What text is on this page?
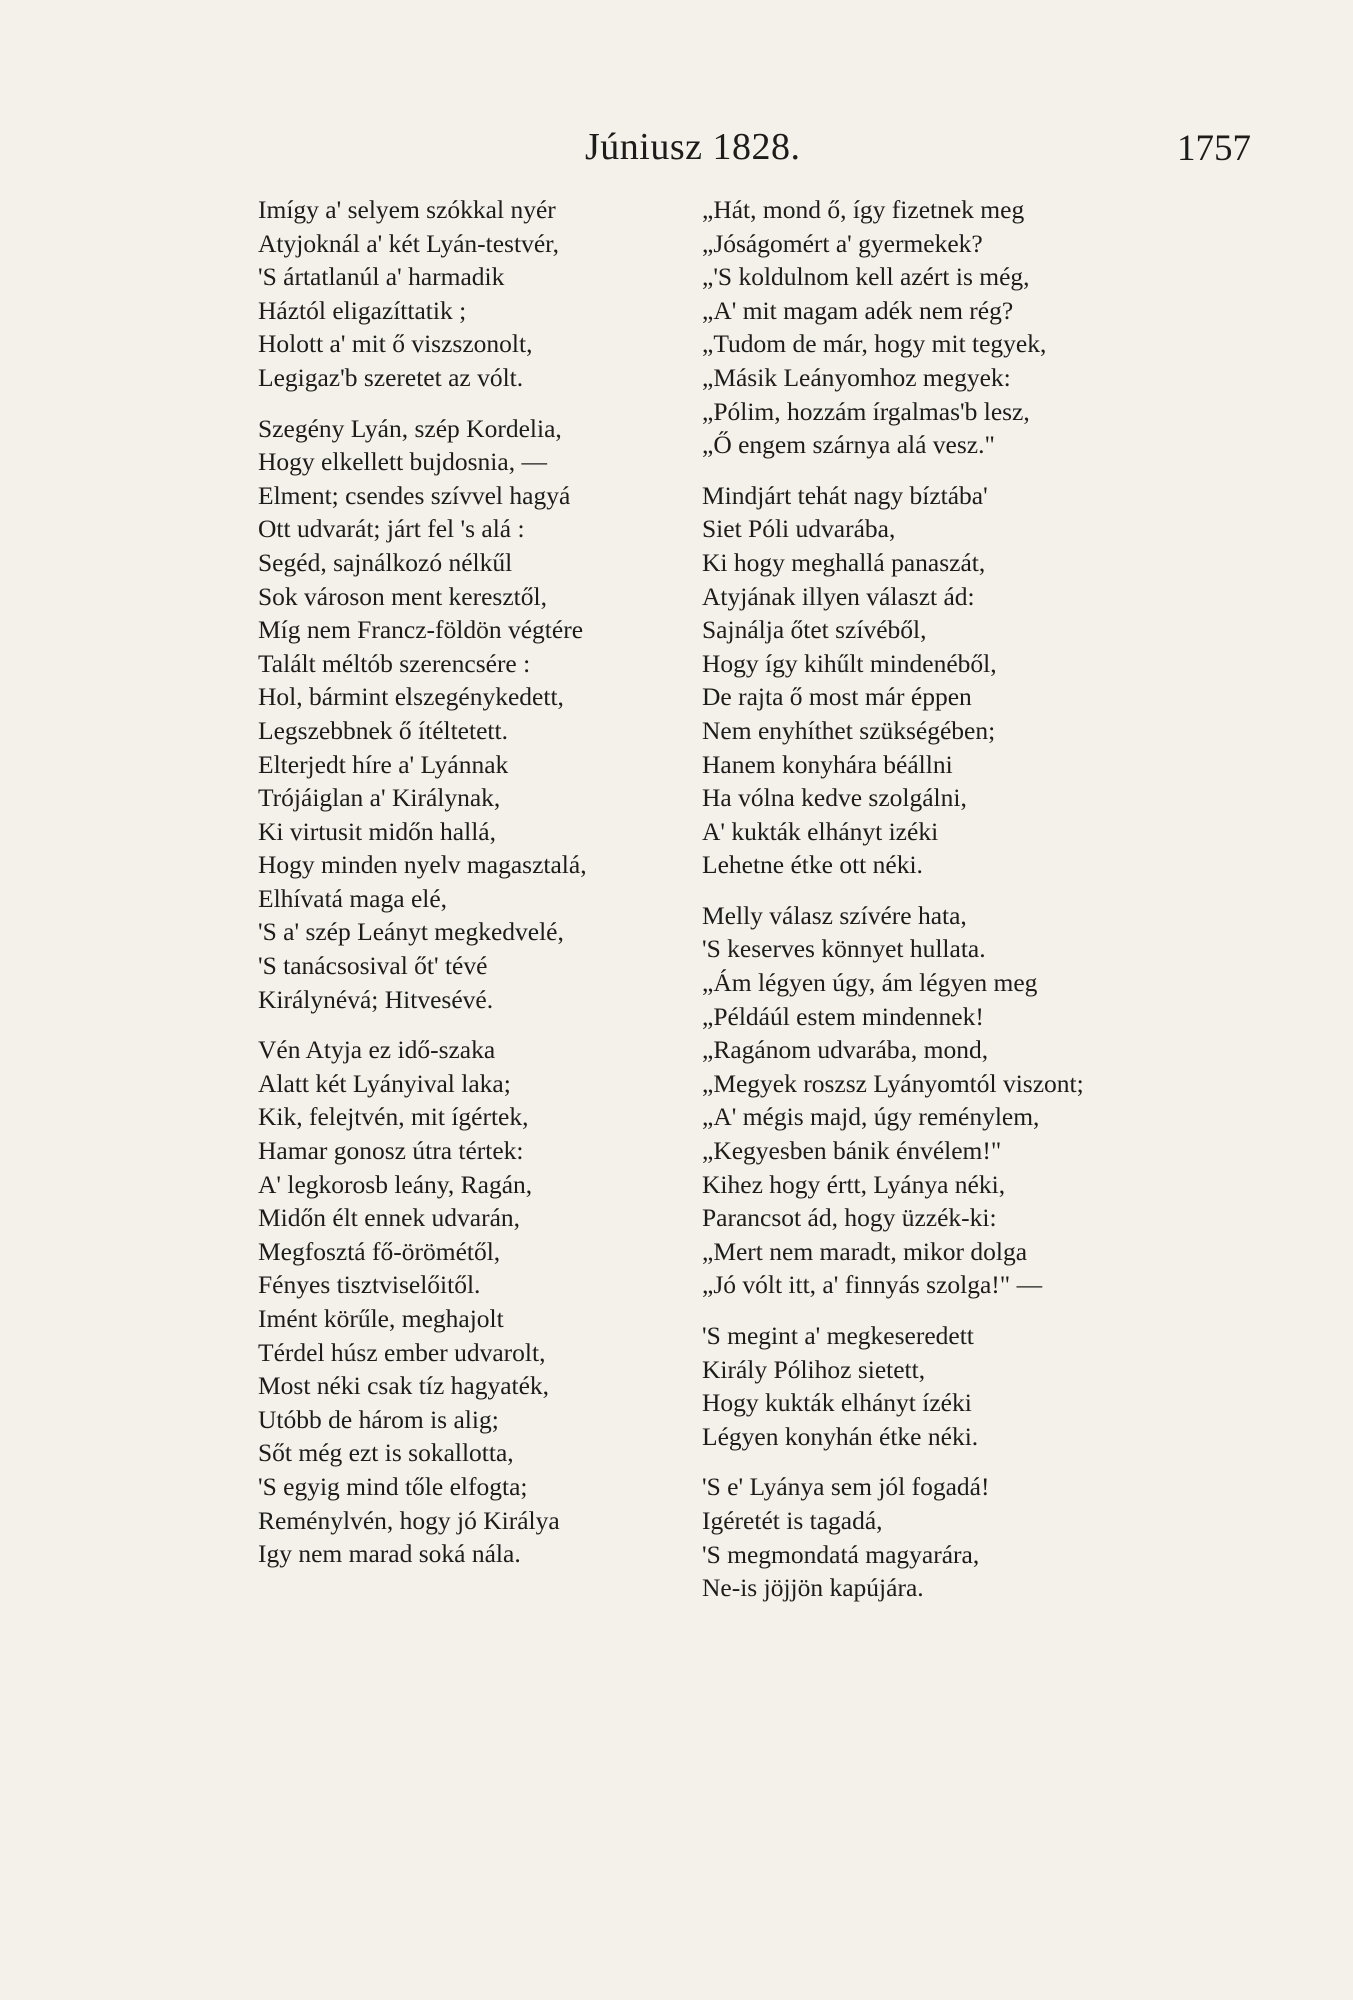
Júniusz 1828.	1757
Imígy a' selyem szókkal nyér
Atyjoknál a' két Lyán-testvér,
'S ártatlanúl a' harmadik
Háztól eligazíttatik ;
Holott a' mit ő viszszonolt,
Legigaz'b szeretet az vólt.
Szegény Lyán, szép Kordelia,
Hogy elkellett bujdosnia, —
Elment; csendes szívvel hagyá
Ott udvarát; járt fel 's alá :
Segéd, sajnálkozó nélkűl
Sok városon ment keresztől,
Míg nem Francz-földön végtére
Talált méltób szerencsére :
Hol, bármint elszegénykedett,
Legszebbnek ő ítéltetett.
Elterjedt híre a' Lyánnak
Trójáiglan a' Királynak,
Ki virtusit midőn hallá,
Hogy minden nyelv magasztalá,
Elhívatá maga elé,
'S a' szép Leányt megkedvelé,
'S tanácsosival őt' tévé
Királynévá; Hitvesévé.
Vén Atyja ez idő-szaka
Alatt két Lyányival laka;
Kik, felejtvén, mit ígértek,
Hamar gonosz útra tértek:
A' legkorosb leány, Ragán,
Midőn élt ennek udvarán,
Megfosztá fő-örömétől,
Fényes tisztviselőitől.
Imént körűle, meghajolt
Térdel húsz ember udvarolt,
Most néki csak tíz hagyaték,
Utóbb de három is alig;
Sőt még ezt is sokallotta,
'S egyig mind tőle elfogta;
Reménylvén, hogy jó Királya
Igy nem marad soká nála.
„Hát, mond ő, így fizetnek meg
„Jóságomért a' gyermekek?
„'S koldulnom kell azért is még,
„A' mit magam adék nem rég?
„Tudom de már, hogy mit tegyek,
„Másik Leányomhoz megyek:
„Pólim, hozzám írgalmas'b lesz,
„Ő engem szárnya alá vesz."
Mindjárt tehát nagy bíztába'
Siet Póli udvarába,
Ki hogy meghallá panaszát,
Atyjának illyen választ ád:
Sajnálja őtet szívéből,
Hogy így kihűlt mindenéből,
De rajta ő most már éppen
Nem enyhíthet szükségében;
Hanem konyhára béállni
Ha vólna kedve szolgálni,
A' kukták elhányt izéki
Lehetne étke ott néki.
Melly válasz szívére hata,
'S keserves könnyet hullata.
„Ám légyen úgy, ám légyen meg
„Példáúl estem mindennek!
„Ragánom udvarába, mond,
„Megyek roszsz Lyányomtól viszont;
„A' mégis majd, úgy reménylem,
„Kegyesben bánik énvélem!"
Kihez hogy értt, Lyánya néki,
Parancsot ád, hogy üzzék-ki:
„Mert nem maradt, mikor dolga
„Jó vólt itt, a' finnyás szolga!" —
'S megint a' megkeseredett
Király Pólihoz sietett,
Hogy kukták elhányt ízéki
Légyen konyhán étke néki.
'S e' Lyánya sem jól fogadá!
Igéretét is tagadá,
'S megmondatá magyarára,
Ne-is jöjjön kapújára.
